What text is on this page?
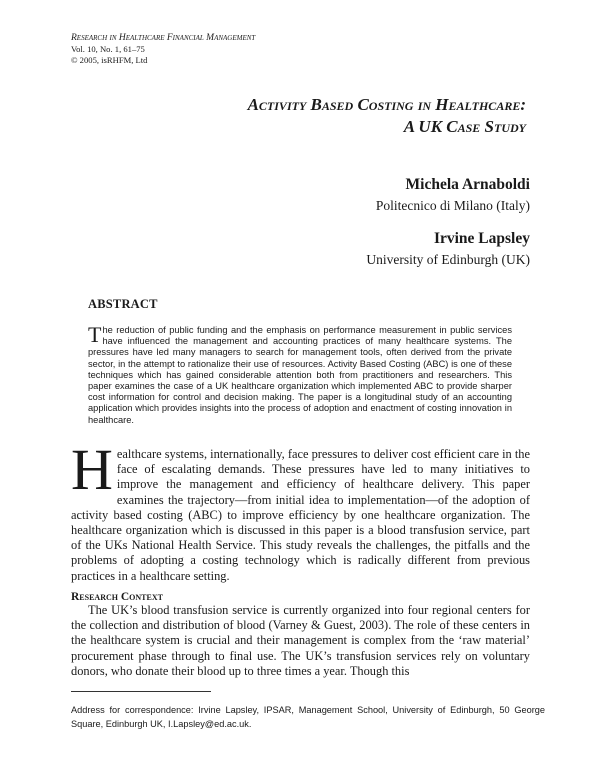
Research in Healthcare Financial Management
Vol. 10, No. 1, 61–75
© 2005, isRHFM, Ltd
Activity Based Costing in Healthcare:
A UK Case Study
Michela Arnaboldi
Politecnico di Milano (Italy)
Irvine Lapsley
University of Edinburgh (UK)
ABSTRACT
The reduction of public funding and the emphasis on performance measurement in public services have influenced the management and accounting practices of many healthcare systems. The pressures have led many managers to search for management tools, often derived from the private sector, in the attempt to rationalize their use of resources. Activity Based Costing (ABC) is one of these techniques which has gained considerable attention both from practitioners and researchers. This paper examines the case of a UK healthcare organization which implemented ABC to provide sharper cost information for control and decision making. The paper is a longitudinal study of an accounting application which provides insights into the process of adoption and enactment of costing innovation in healthcare.
Healthcare systems, internationally, face pressures to deliver cost efficient care in the face of escalating demands. These pressures have led to many initiatives to improve the management and efficiency of healthcare delivery. This paper examines the trajectory—from initial idea to implementation—of the adoption of activity based costing (ABC) to improve efficiency by one healthcare organization. The healthcare organization which is discussed in this paper is a blood transfusion service, part of the UKs National Health Service. This study reveals the challenges, the pitfalls and the problems of adopting a costing technology which is radically different from previous practices in a healthcare setting.
Research Context
The UK’s blood transfusion service is currently organized into four regional centers for the collection and distribution of blood (Varney & Guest, 2003). The role of these centers in the healthcare system is crucial and their management is complex from the ‘raw material’ procurement phase through to final use. The UK’s transfusion services rely on voluntary donors, who donate their blood up to three times a year. Though this
Address for correspondence: Irvine Lapsley, IPSAR, Management School, University of Edinburgh, 50 George Square, Edinburgh UK, I.Lapsley@ed.ac.uk.
